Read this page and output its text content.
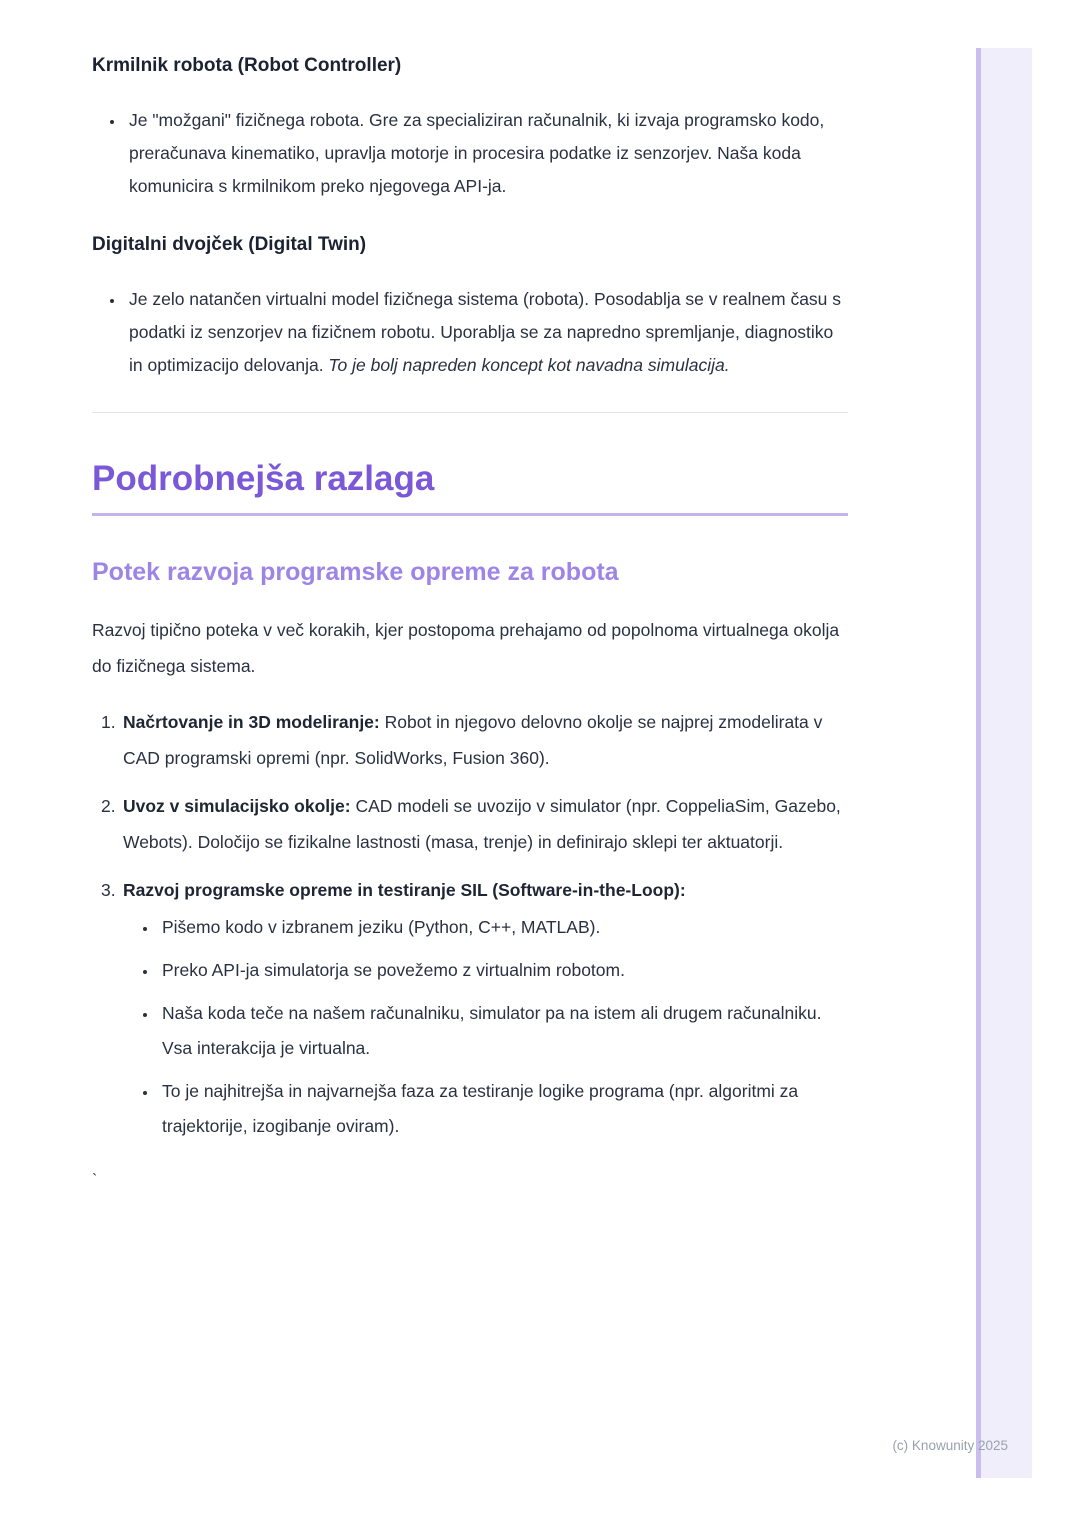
Krmilnik robota (Robot Controller)
• Je "možgani" fizičnega robota. Gre za specializiran računalnik, ki izvaja programsko kodo, preračunava kinematiko, upravlja motorje in procesira podatke iz senzorjev. Naša koda komunicira s krmilnikom preko njegovega API-ja.
Digitalni dvojček (Digital Twin)
• Je zelo natančen virtualni model fizičnega sistema (robota). Posodablja se v realnem času s podatki iz senzorjev na fizičnem robotu. Uporablja se za napredno spremljanje, diagnostiko in optimizacijo delovanja. To je bolj napreden koncept kot navadna simulacija.
Podrobnejša razlaga
Potek razvoja programske opreme za robota

Razvoj tipično poteka v več korakih, kjer postopoma prehajamo od popolnoma virtualnega okolja do fizičnega sistema.

Načrtovanje in 3D modeliranje: Robot in njegovo delovno okolje se najprej zmodelirata v CAD programski opremi (npr. SolidWorks, Fusion 360).
Uvoz v simulacijsko okolje: CAD modeli se uvozijo v simulator (npr. CoppeliaSim, Gazebo, Webots). Določijo se fizikalne lastnosti (masa, trenje) in definirajo sklepi ter aktuatorji.
Razvoj programske opreme in testiranje SIL (Software-in-the-Loop):
• Pišemo kodo v izbranem jeziku (Python, C++, MATLAB).
• Preko API-ja simulatorja se povežemo z virtualnim robotom.
• Naša koda teče na našem računalniku, simulator pa na istem ali drugem računalniku. Vsa interakcija je virtualna.
• To je najhitrejša in najvarnejša faza za testiranje logike programa (npr. algoritmi za trajektorije, izogibanje oviram).
`
(c) Knowunity 2025
